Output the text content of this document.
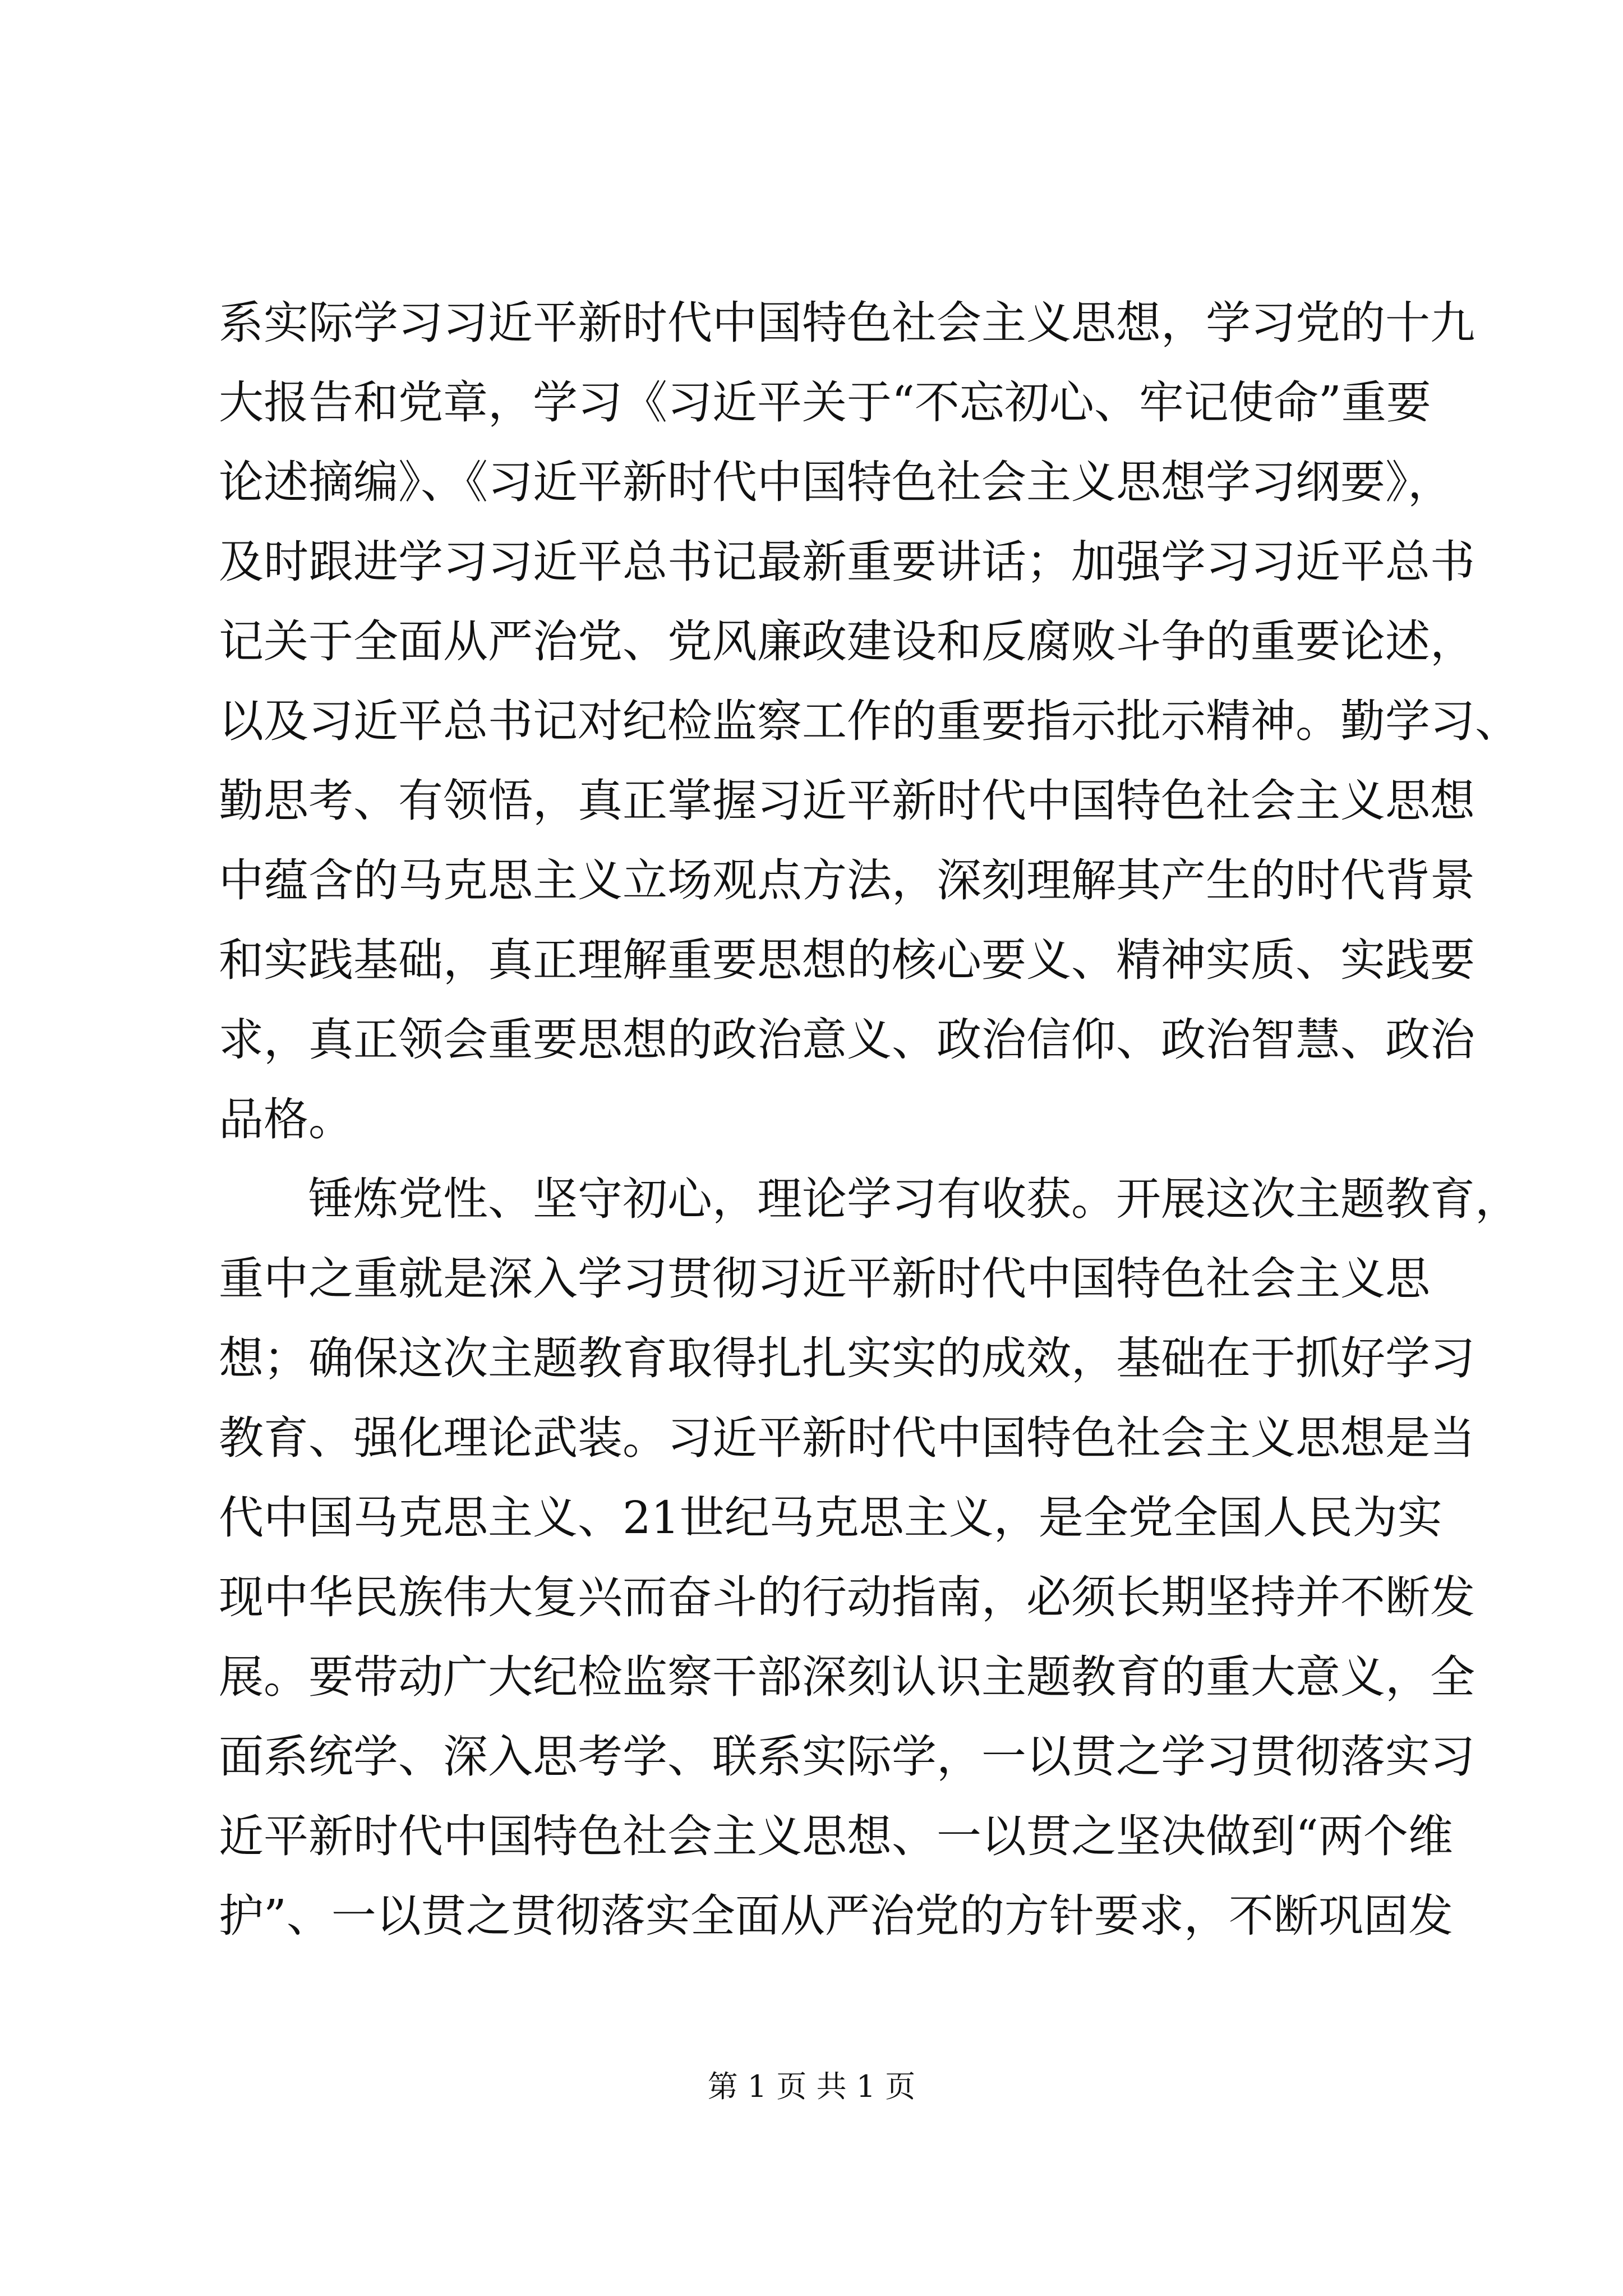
系实际学习习近平新时代中国特色社会主义思想，学习党的十九
大报告和党章，学习《习近平关于“不忘初心、牢记使命”重要
论述摘编》、《习近平新时代中国特色社会主义思想学习纲要》，
及时跟进学习习近平总书记最新重要讲话；加强学习习近平总书
记关于全面从严治党、党风廉政建设和反腐败斗争的重要论述，
以及习近平总书记对纪检监察工作的重要指示批示精神。勤学习、
勤思考、有领悟，真正掌握习近平新时代中国特色社会主义思想
中蕴含的马克思主义立场观点方法，深刻理解其产生的时代背景
和实践基础，真正理解重要思想的核心要义、精神实质、实践要
求，真正领会重要思想的政治意义、政治信仰、政治智慧、政治
品格。
锤炼党性、坚守初心，理论学习有收获。开展这次主题教育，
重中之重就是深入学习贯彻习近平新时代中国特色社会主义思
想；确保这次主题教育取得扎扎实实的成效，基础在于抓好学习
教育、强化理论武装。习近平新时代中国特色社会主义思想是当
代中国马克思主义、21世纪马克思主义，是全党全国人民为实
现中华民族伟大复兴而奋斗的行动指南，必须长期坚持并不断发
展。要带动广大纪检监察干部深刻认识主题教育的重大意义，全
面系统学、深入思考学、联系实际学，一以贯之学习贯彻落实习
近平新时代中国特色社会主义思想、一以贯之坚决做到“两个维
护”、一以贯之贯彻落实全面从严治党的方针要求，不断巩固发
第 1 页 共 1 页
